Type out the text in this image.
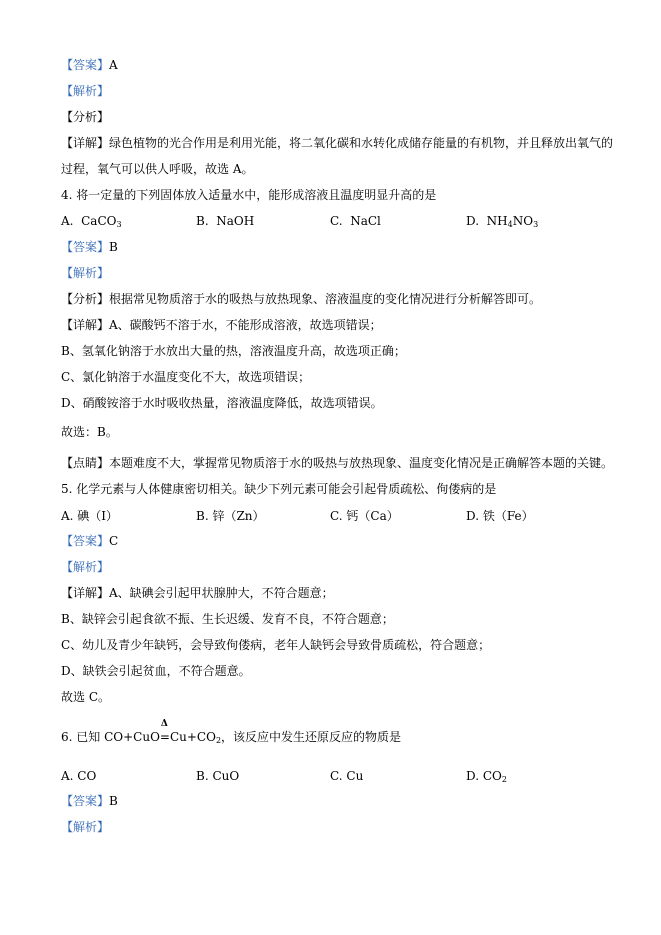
【答案】A
【解析】
【分析】
【详解】绿色植物的光合作用是利用光能，将二氧化碳和水转化成储存能量的有机物，并且释放出氧气的
过程，氧气可以供人呼吸，故选 A。
4. 将一定量的下列固体放入适量水中，能形成溶液且温度明显升高的是
A. CaCO$_3$	B. NaOH	C. NaCl	D. $NH_4NO_3$
【答案】B
【解析】
【分析】根据常见物质溶于水的吸热与放热现象、溶液温度的变化情况进行分析解答即可。
【详解】A、碳酸钙不溶于水，不能形成溶液，故选项错误；
B、氢氧化钠溶于水放出大量的热，溶液温度升高，故选项正确；
C、氯化钠溶于水温度变化不大，故选项错误；
D、硝酸铵溶于水时吸收热量，溶液温度降低，故选项错误。
故选：B。
【点睛】本题难度不大，掌握常见物质溶于水的吸热与放热现象、温度变化情况是正确解答本题的关键。
5. 化学元素与人体健康密切相关。缺少下列元素可能会引起骨质疏松、佝偻病的是
A. 碘（I）	B. 锌（Zn）	C. 钙（Ca）	D. 铁（Fe）
【答案】C
【解析】
【详解】A、缺碘会引起甲状腺肿大，不符合题意；
B、缺锌会引起食欲不振、生长迟缓、发育不良，不符合题意；
C、幼儿及青少年缺钙，会导致佝偻病，老年人缺钙会导致骨质疏松，符合题意；
D、缺铁会引起贫血，不符合题意。
故选 C。
6. 已知 CO+CuO
Δ
$=Cu+CO_2$，该反应中发生还原反应的物质是
A. CO	B. CuO	C. Cu	D. $CO_2$
【答案】B
【解析】
